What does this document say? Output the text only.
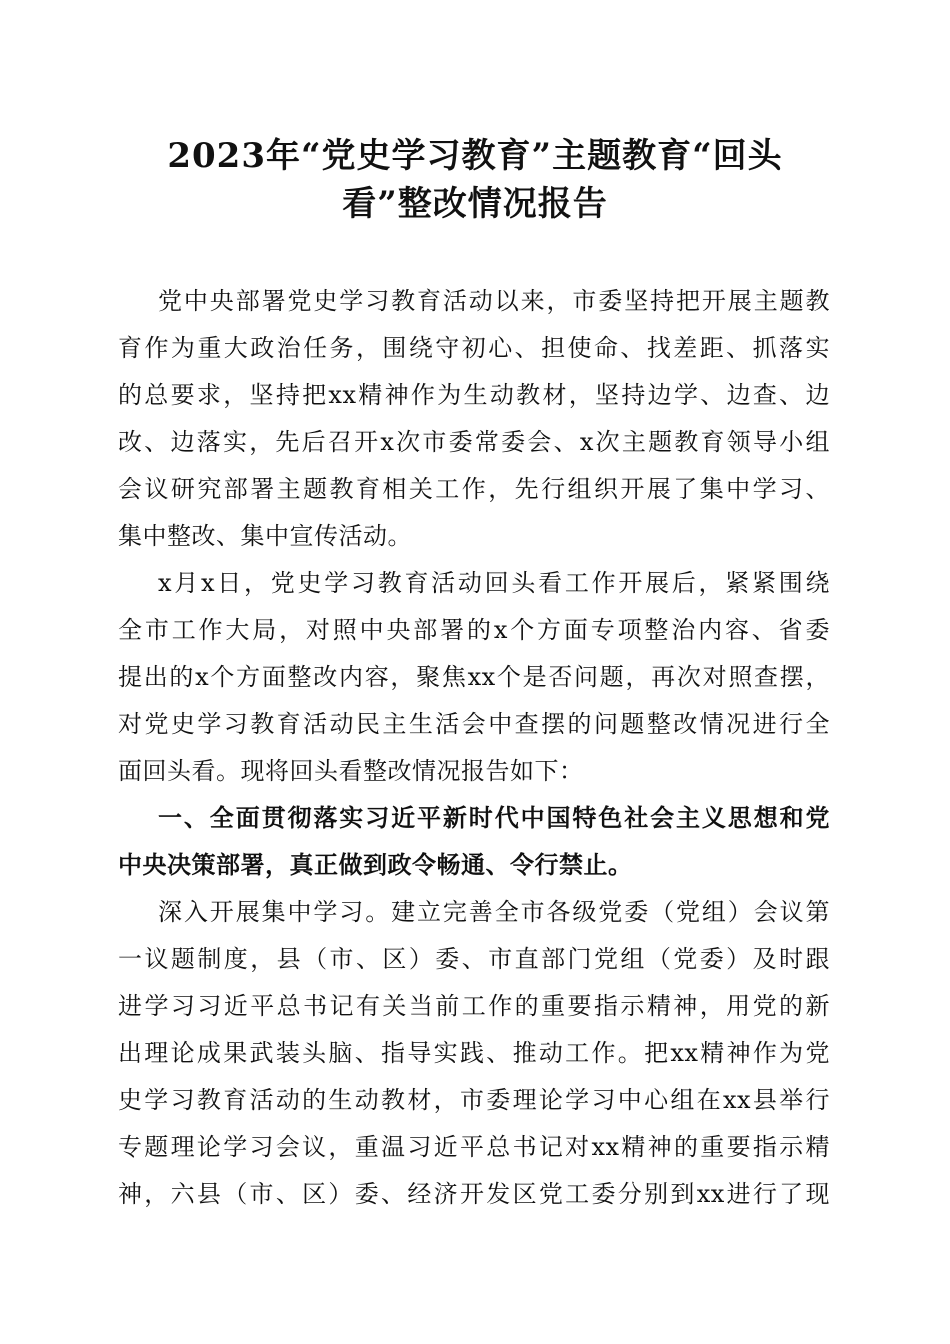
2023年“党史学习教育”主题教育“回头
看”整改情况报告
党中央部署党史学习教育活动以来，市委坚持把开展主题教
育作为重大政治任务，围绕守初心、担使命、找差距、抓落实
的总要求，坚持把xx精神作为生动教材，坚持边学、边查、边
改、边落实，先后召开x次市委常委会、x次主题教育领导小组
会议研究部署主题教育相关工作，先行组织开展了集中学习、
集中整改、集中宣传活动。
x月x日，党史学习教育活动回头看工作开展后，紧紧围绕
全市工作大局，对照中央部署的x个方面专项整治内容、省委
提出的x个方面整改内容，聚焦xx个是否问题，再次对照查摆，
对党史学习教育活动民主生活会中查摆的问题整改情况进行全
面回头看。现将回头看整改情况报告如下：
一、全面贯彻落实习近平新时代中国特色社会主义思想和党
中央决策部署，真正做到政令畅通、令行禁止。
深入开展集中学习。建立完善全市各级党委（党组）会议第
一议题制度，县（市、区）委、市直部门党组（党委）及时跟
进学习习近平总书记有关当前工作的重要指示精神，用党的新
出理论成果武装头脑、指导实践、推动工作。把xx精神作为党
史学习教育活动的生动教材，市委理论学习中心组在xx县举行
专题理论学习会议，重温习近平总书记对xx精神的重要指示精
神，六县（市、区）委、经济开发区党工委分别到xx进行了现
